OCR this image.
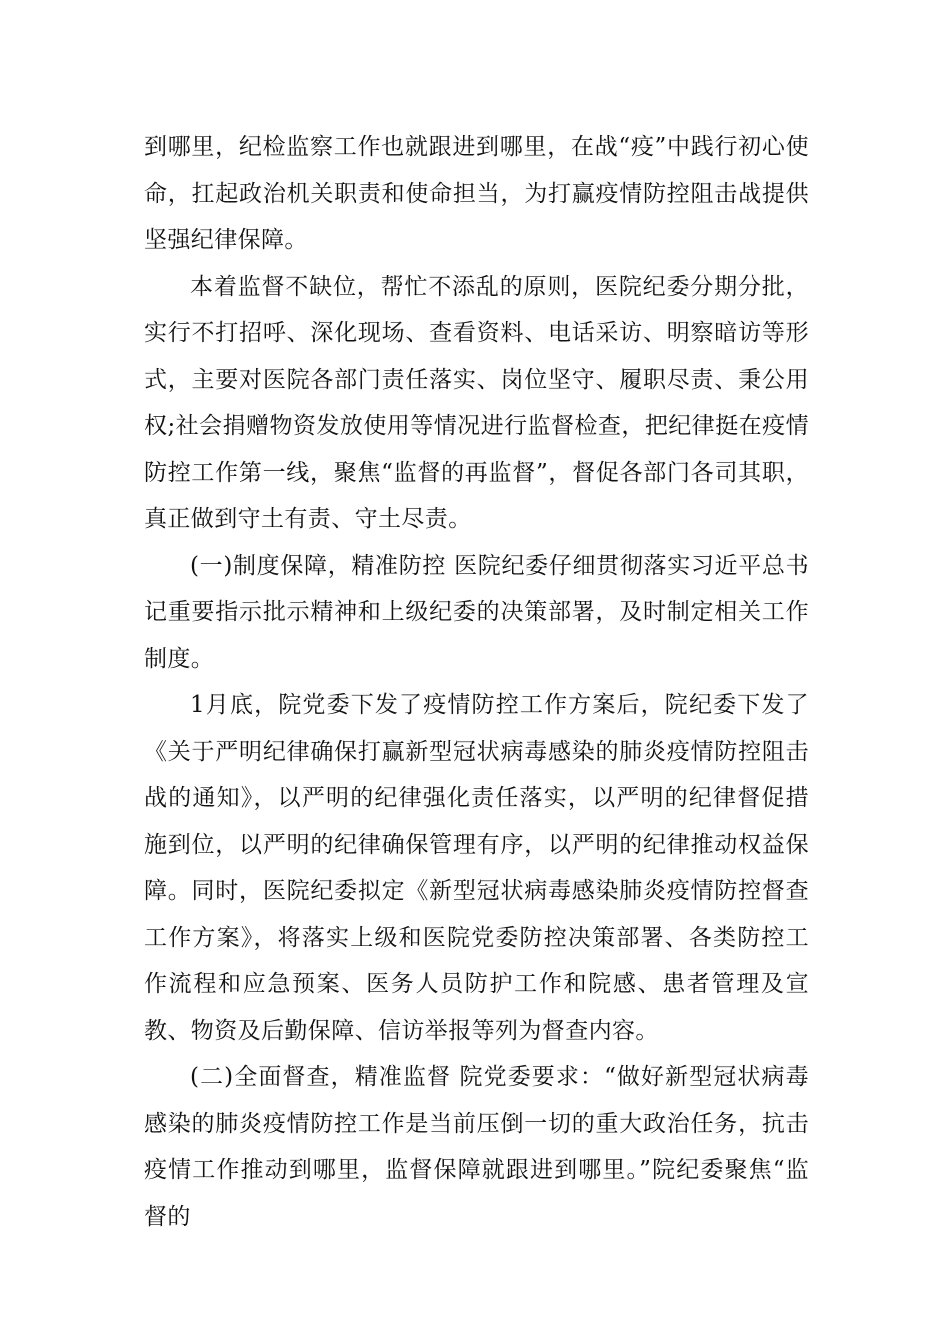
到哪里，纪检监察工作也就跟进到哪里，在战“疫”中践行初心使命，扛起政治机关职责和使命担当，为打赢疫情防控阻击战提供坚强纪律保障。

本着监督不缺位，帮忙不添乱的原则，医院纪委分期分批，实行不打招呼、深化现场、查看资料、电话采访、明察暗访等形式，主要对医院各部门责任落实、岗位坚守、履职尽责、秉公用权;社会捐赠物资发放使用等情况进行监督检查，把纪律挺在疫情防控工作第一线，聚焦“监督的再监督”，督促各部门各司其职，真正做到守土有责、守土尽责。

(一)制度保障，精准防控 医院纪委仔细贯彻落实习近平总书记重要指示批示精神和上级纪委的决策部署，及时制定相关工作制度。

1月底，院党委下发了疫情防控工作方案后，院纪委下发了《关于严明纪律确保打赢新型冠状病毒感染的肺炎疫情防控阻击战的通知》，以严明的纪律强化责任落实，以严明的纪律督促措施到位，以严明的纪律确保管理有序，以严明的纪律推动权益保障。同时，医院纪委拟定《新型冠状病毒感染肺炎疫情防控督查工作方案》，将落实上级和医院党委防控决策部署、各类防控工作流程和应急预案、医务人员防护工作和院感、患者管理及宣教、物资及后勤保障、信访举报等列为督查内容。

(二)全面督查，精准监督 院党委要求：“做好新型冠状病毒感染的肺炎疫情防控工作是当前压倒一切的重大政治任务，抗击疫情工作推动到哪里，监督保障就跟进到哪里。”院纪委聚焦“监督的
